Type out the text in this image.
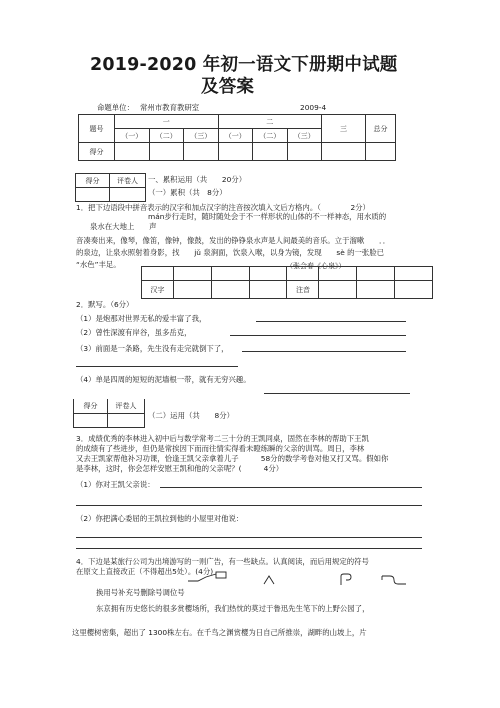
2019-2020 年初一语文下册期中试题
及答案
命题单位： 常州市教育教研室	2009-4
题号	一			二			三	总分
	（一）	（二）	（三）	（一）	（二）	（三）		
得分								
得分	评卷人
	一、累积运用（共　　20分）
（一）累积（共　8分）
1．把下边语段中拼音表示的汉字和加点汉字的注音按次填入文后方格内。（　　　　2分）
mán步行走时，随时随处会于不一样形状的山体的不一样神态，用水质的
泉水在大地上　　声
音凑奏出来，像琴，像笛，像钟，像鼓，发出的铮铮泉水声是人间最美的音乐。立于溜嗽　　．．
的泉边，让泉水照射着身影，找　　jǔ 泉涧面，饮泉入喉，以身为镜，发现　　sè 的一张脸已
“水色”丰足。	（张会春《心泉》）

汉字				注音			
2．默写。（6分）
（1）是炮那对世界无私的爱丰富了我，
（2）曾性深渡有岸谷，虽多岳克，
（3）前面是一条路，先生没有走完就倒下了，
（4）单是四周的短短的泥墙根一带，就有无穷兴趣。
得分	评卷人

（二）运用（共　　8分）
3．成绩优秀的李林进入初中后与数学常考二三十分的王凯同桌，固然在李林的帮助下王凯
的成绩有了些进步，但仍是常挨因下而而往情实得看未瞪练瞬的父亲的训骂。周日，李林
又去王凯家帮他补习功课，恰逢王凯父亲拿着儿子　　　58分的数学考卷对他又打又骂。假如你
是李林，这时，你会怎样安慰王凯和他的父亲呢？(　　　4分）
（1）你对王凯父亲说：
（2）你把满心委屈的王凯拉到他的小屋里对他说：
4．下边是某旅行公司为出境游写的一则广告，有一些缺点。认真阅读，而后用规定的符号
在原文上直接改正（不得超出5处）。(4分)
换用号补充号删除号调位号
东京拥有历史悠长的很多赏樱场所，我们热忱的莫过于鲁迅先生笔下的上野公园了，
这里樱树密集，超出了 1300株左右。在千鸟之渊赏樱为日自己所推崇，湖畔的山坡上，片
